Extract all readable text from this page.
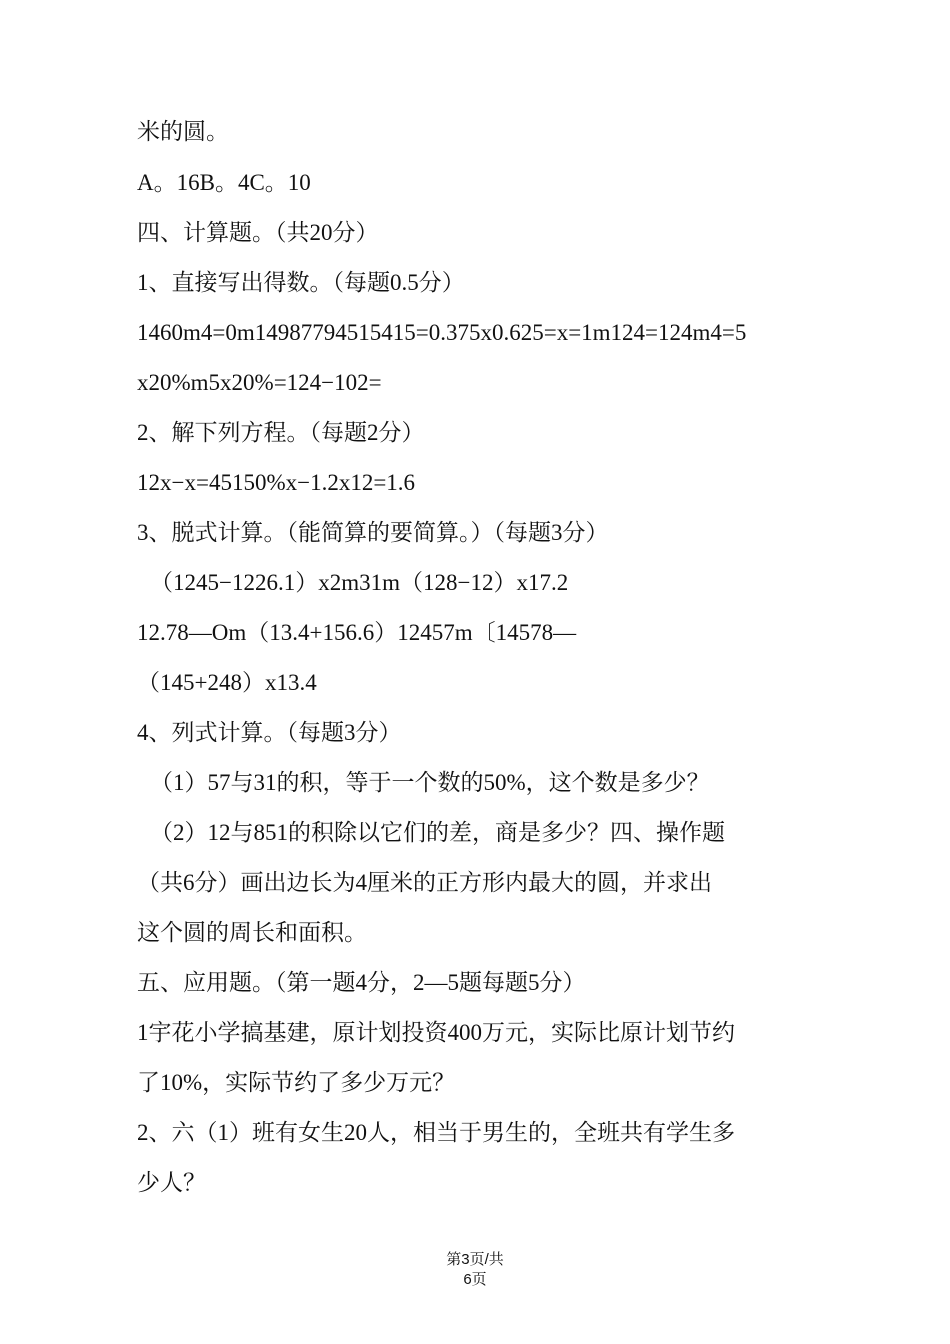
米的圆。
A。16B。4C。10
四、计算题。（共20分）
1、直接写出得数。（每题0.5分）
1460m4=0m14987794515415=0.375x0.625=x=1m124=124m4=5
x20%m5x20%=124−102=
2、解下列方程。（每题2分）
12x−x=45150%x−1.2x12=1.6
3、脱式计算。（能简算的要简算。）（每题3分）
（1245−1226.1）x2m31m（128−12）x17.2
12.78—Om（13.4+156.6）12457m〔14578—
（145+248）x13.4
4、列式计算。（每题3分）
（1）57与31的积，等于一个数的50%，这个数是多少？
（2）12与851的积除以它们的差，商是多少？四、操作题
（共6分）画出边长为4厘米的正方形内最大的圆，并求出
这个圆的周长和面积。
五、应用题。（第一题4分，2—5题每题5分）
1宇花小学搞基建，原计划投资400万元，实际比原计划节约
了10%，实际节约了多少万元？
2、六（1）班有女生20人，相当于男生的，全班共有学生多
少人？
第3页/共
6页
